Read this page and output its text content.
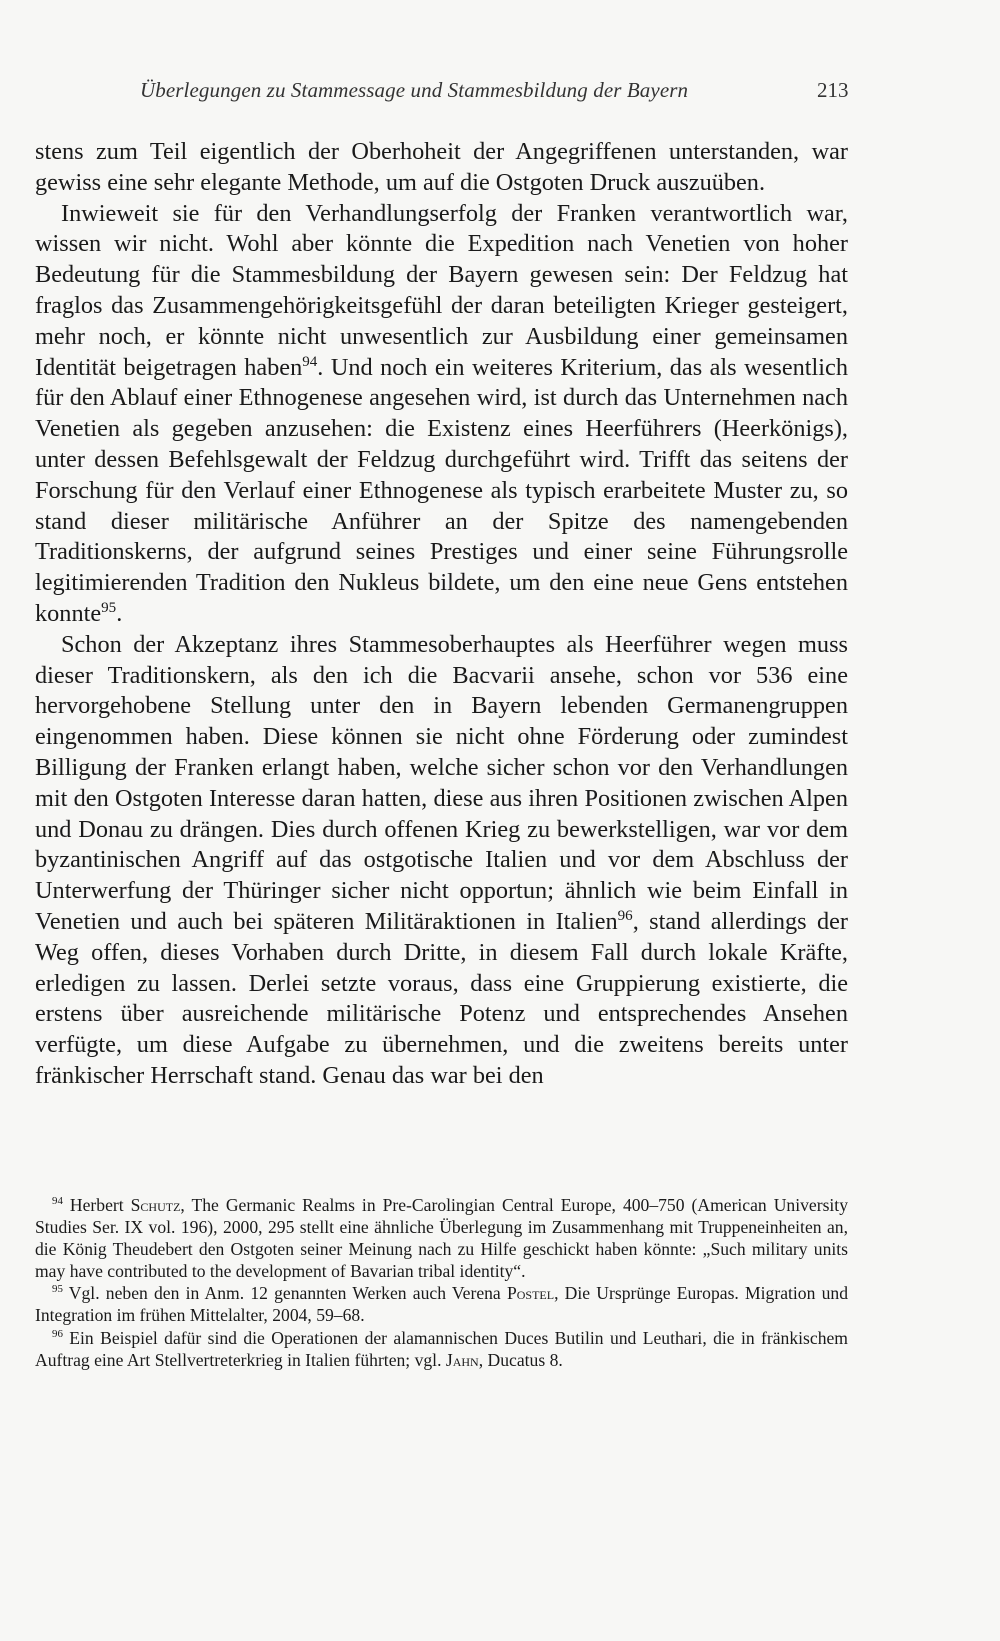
Überlegungen zu Stammessage und Stammesbildung der Bayern	213

stens zum Teil eigentlich der Oberhoheit der Angegriffenen unterstanden, war gewiss eine sehr elegante Methode, um auf die Ostgoten Druck auszuüben.
Inwieweit sie für den Verhandlungserfolg der Franken verantwortlich war, wissen wir nicht. Wohl aber könnte die Expedition nach Venetien von hoher Bedeutung für die Stammesbildung der Bayern gewesen sein: Der Feldzug hat fraglos das Zusammengehörigkeitsgefühl der daran beteiligten Krieger gesteigert, mehr noch, er könnte nicht unwesentlich zur Ausbildung einer gemeinsamen Identität beigetragen haben$^{94}$. Und noch ein weiteres Kriterium, das als wesentlich für den Ablauf einer Ethnogenese angesehen wird, ist durch das Unternehmen nach Venetien als gegeben anzusehen: die Existenz eines Heerführers (Heerkönigs), unter dessen Befehlsgewalt der Feldzug durchgeführt wird. Trifft das seitens der Forschung für den Verlauf einer Ethnogenese als typisch erarbeitete Muster zu, so stand dieser militärische Anführer an der Spitze des namengebenden Traditionskerns, der aufgrund seines Prestiges und einer seine Führungsrolle legitimierenden Tradition den Nukleus bildete, um den eine neue Gens entstehen konnte$^{95}$.

Schon der Akzeptanz ihres Stammesoberhauptes als Heerführer wegen muss dieser Traditionskern, als den ich die Bacvarii ansehe, schon vor 536 eine hervorgehobene Stellung unter den in Bayern lebenden Germanengruppen eingenommen haben. Diese können sie nicht ohne Förderung oder zumindest Billigung der Franken erlangt haben, welche sicher schon vor den Verhandlungen mit den Ostgoten Interesse daran hatten, diese aus ihren Positionen zwischen Alpen und Donau zu drängen. Dies durch offenen Krieg zu bewerkstelligen, war vor dem byzantinischen Angriff auf das ostgotische Italien und vor dem Abschluss der Unterwerfung der Thüringer sicher nicht opportun; ähnlich wie beim Einfall in Venetien und auch bei späteren Militäraktionen in Italien$^{96}$, stand allerdings der Weg offen, dieses Vorhaben durch Dritte, in diesem Fall durch lokale Kräfte, erledigen zu lassen. Derlei setzte voraus, dass eine Gruppierung existierte, die erstens über ausreichende militärische Potenz und entsprechendes Ansehen verfügte, um diese Aufgabe zu übernehmen, und die zweitens bereits unter fränkischer Herrschaft stand. Genau das war bei den

$^{94}$ Herbert Schutz, The Germanic Realms in Pre-Carolingian Central Europe, 400–750 (American University Studies Ser. IX vol. 196), 2000, 295 stellt eine ähnliche Überlegung im Zusammenhang mit Truppeneinheiten an, die König Theudebert den Ostgoten seiner Meinung nach zu Hilfe geschickt haben könnte: „Such military units may have contributed to the development of Bavarian tribal identity“.

$^{95}$ Vgl. neben den in Anm. 12 genannten Werken auch Verena Postel, Die Ursprünge Europas. Migration und Integration im frühen Mittelalter, 2004, 59–68.

$^{96}$ Ein Beispiel dafür sind die Operationen der alamannischen Duces Butilin und Leuthari, die in fränkischem Auftrag eine Art Stellvertreterkrieg in Italien führten; vgl. Jahn, Ducatus 8.
